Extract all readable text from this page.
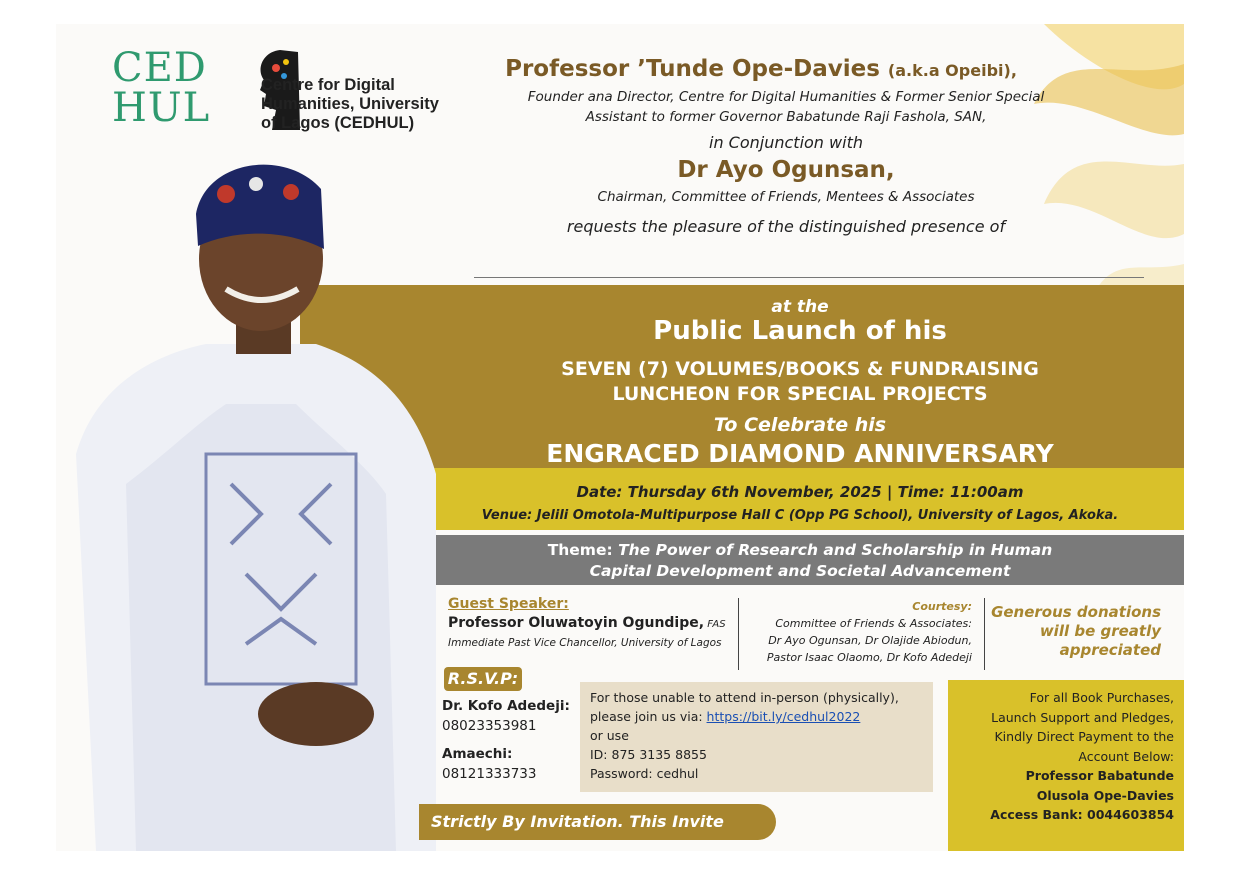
CED
HUL	Centre for Digital
Humanities, University
of Lagos (CEDHUL)
Professor ’Tunde Ope-Davies (a.k.a Opeibi),
Founder ana Director, Centre for Digital Humanities & Former Senior Special
Assistant to former Governor Babatunde Raji Fashola, SAN,
in Conjunction with
Dr Ayo Ogunsan,
Chairman, Committee of Friends, Mentees & Associates
requests the pleasure of the distinguished presence of
at the
Public Launch of his
SEVEN (7) VOLUMES/BOOKS & FUNDRAISING
LUNCHEON FOR SPECIAL PROJECTS
To Celebrate his
ENGRACED DIAMOND ANNIVERSARY
Date: Thursday 6th November, 2025 | Time: 11:00am
Venue: Jelili Omotola-Multipurpose Hall C (Opp PG School), University of Lagos, Akoka.
Theme: The Power of Research and Scholarship in Human
Capital Development and Societal Advancement
Guest Speaker:
Professor Oluwatoyin Ogundipe, FAS
Immediate Past Vice Chancellor, University of Lagos
Courtesy:
Committee of Friends & Associates:
Dr Ayo Ogunsan, Dr Olajide Abiodun,
Pastor Isaac Olaomo, Dr Kofo Adedeji
Generous donations
will be greatly
appreciated
R.S.V.P:
Dr. Kofo Adedeji:
08023353981
Amaechi:
08121333733
For those unable to attend in-person (physically),
please join us via: https://bit.ly/cedhul2022
or use
ID: 875 3135 8855
Password: cedhul
For all Book Purchases,
Launch Support and Pledges,
Kindly Direct Payment to the
Account Below:
Professor Babatunde
Olusola Ope-Davies
Access Bank: 0044603854
Strictly By Invitation. This Invite Admits
